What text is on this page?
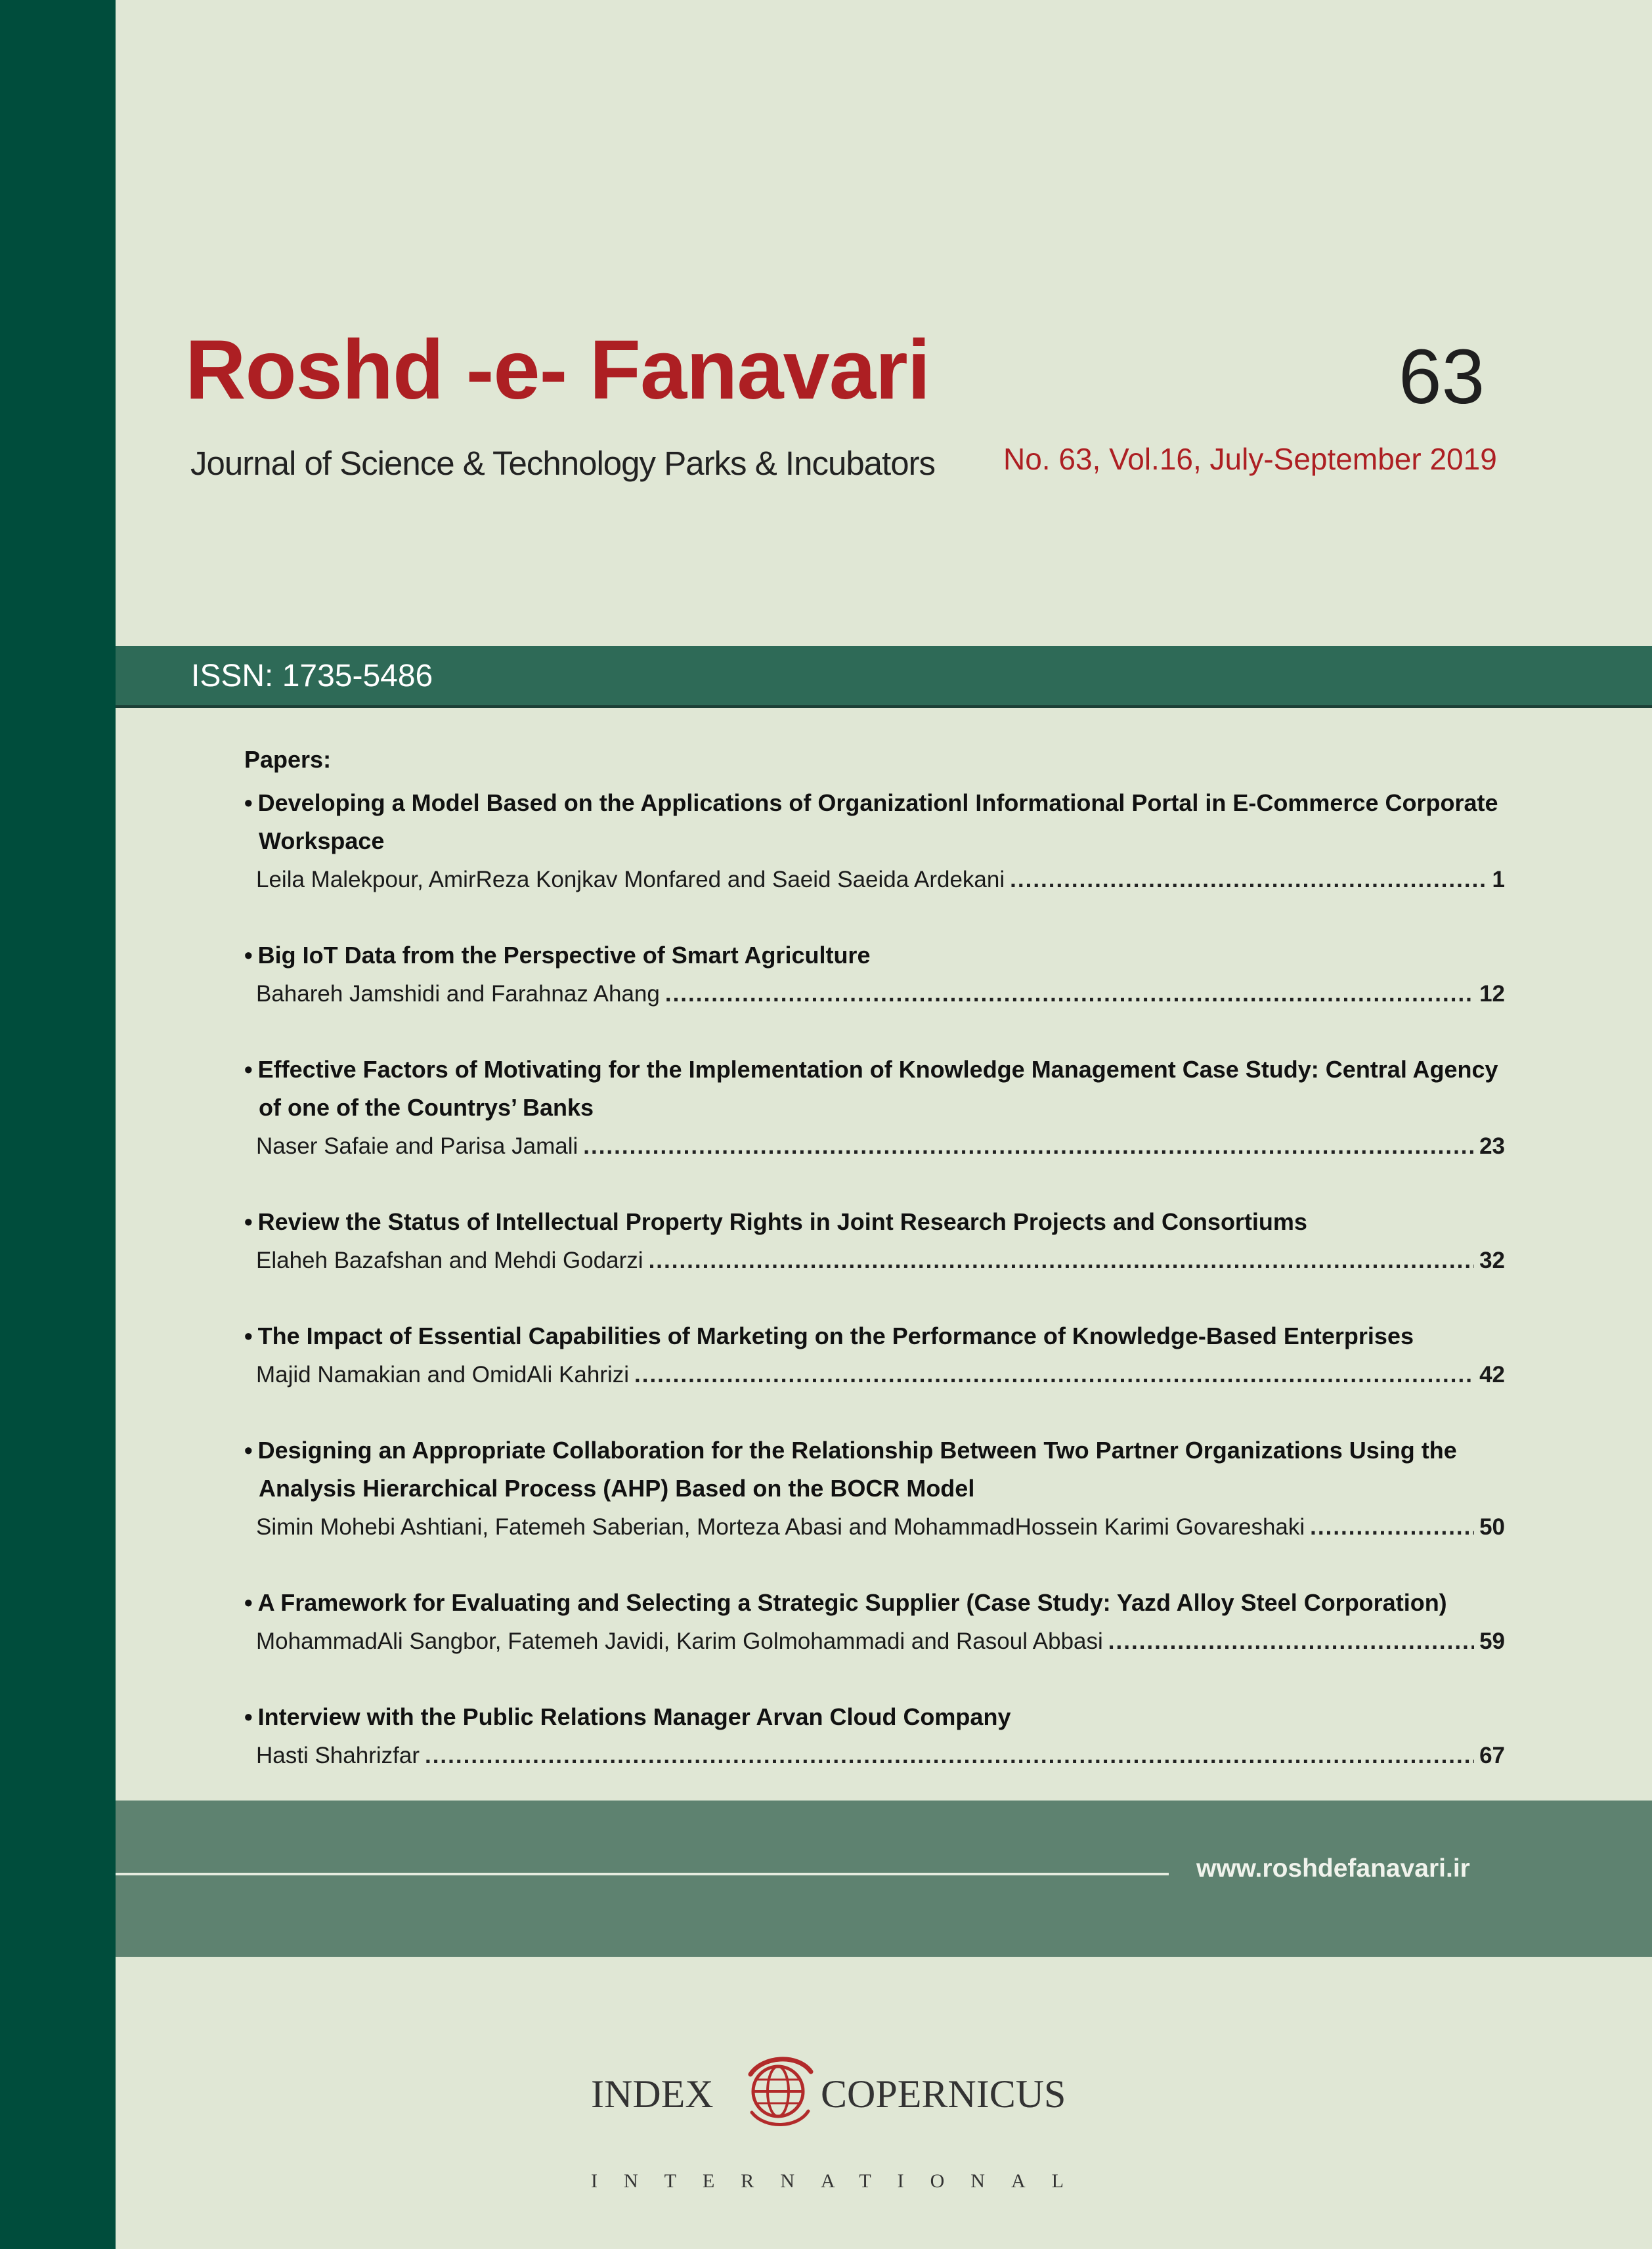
Roshd -e- Fanavari
Journal of Science & Technology Parks & Incubators
63
No. 63, Vol.16, July-September 2019
ISSN: 1735-5486
Papers:
• Developing a Model Based on the Applications of Organizationl Informational Portal in E-Commerce Corporate Workspace
Leila Malekpour, AmirReza Konjkav Monfared and Saeid Saeida Ardekani .....	1
• Big IoT Data from the Perspective of Smart Agriculture
Bahareh Jamshidi and Farahnaz Ahang .....	12
• Effective Factors of Motivating for the Implementation of Knowledge Management Case Study: Central Agency of one of the Countrys’ Banks
Naser Safaie and Parisa Jamali .....	23
• Review the Status of Intellectual Property Rights in Joint Research Projects and Consortiums
Elaheh Bazafshan and Mehdi Godarzi .....	32
• The Impact of Essential Capabilities of Marketing on the Performance of Knowledge-Based Enterprises
Majid Namakian and OmidAli Kahrizi .....	42
• Designing an Appropriate Collaboration for the Relationship Between Two Partner Organizations Using the Analysis Hierarchical Process (AHP) Based on the BOCR Model
Simin Mohebi Ashtiani, Fatemeh Saberian, Morteza Abasi and MohammadHossein Karimi Govareshaki .....	50
• A Framework for Evaluating and Selecting a Strategic Supplier (Case Study: Yazd Alloy Steel Corporation)
MohammadAli Sangbor, Fatemeh Javidi, Karim Golmohammadi and Rasoul Abbasi .....	59
• Interview with the Public Relations Manager Arvan Cloud Company
Hasti Shahrizfar .....	67
www.roshdefanavari.ir
INDEX	COPERNICUS
INTERNATIONAL
